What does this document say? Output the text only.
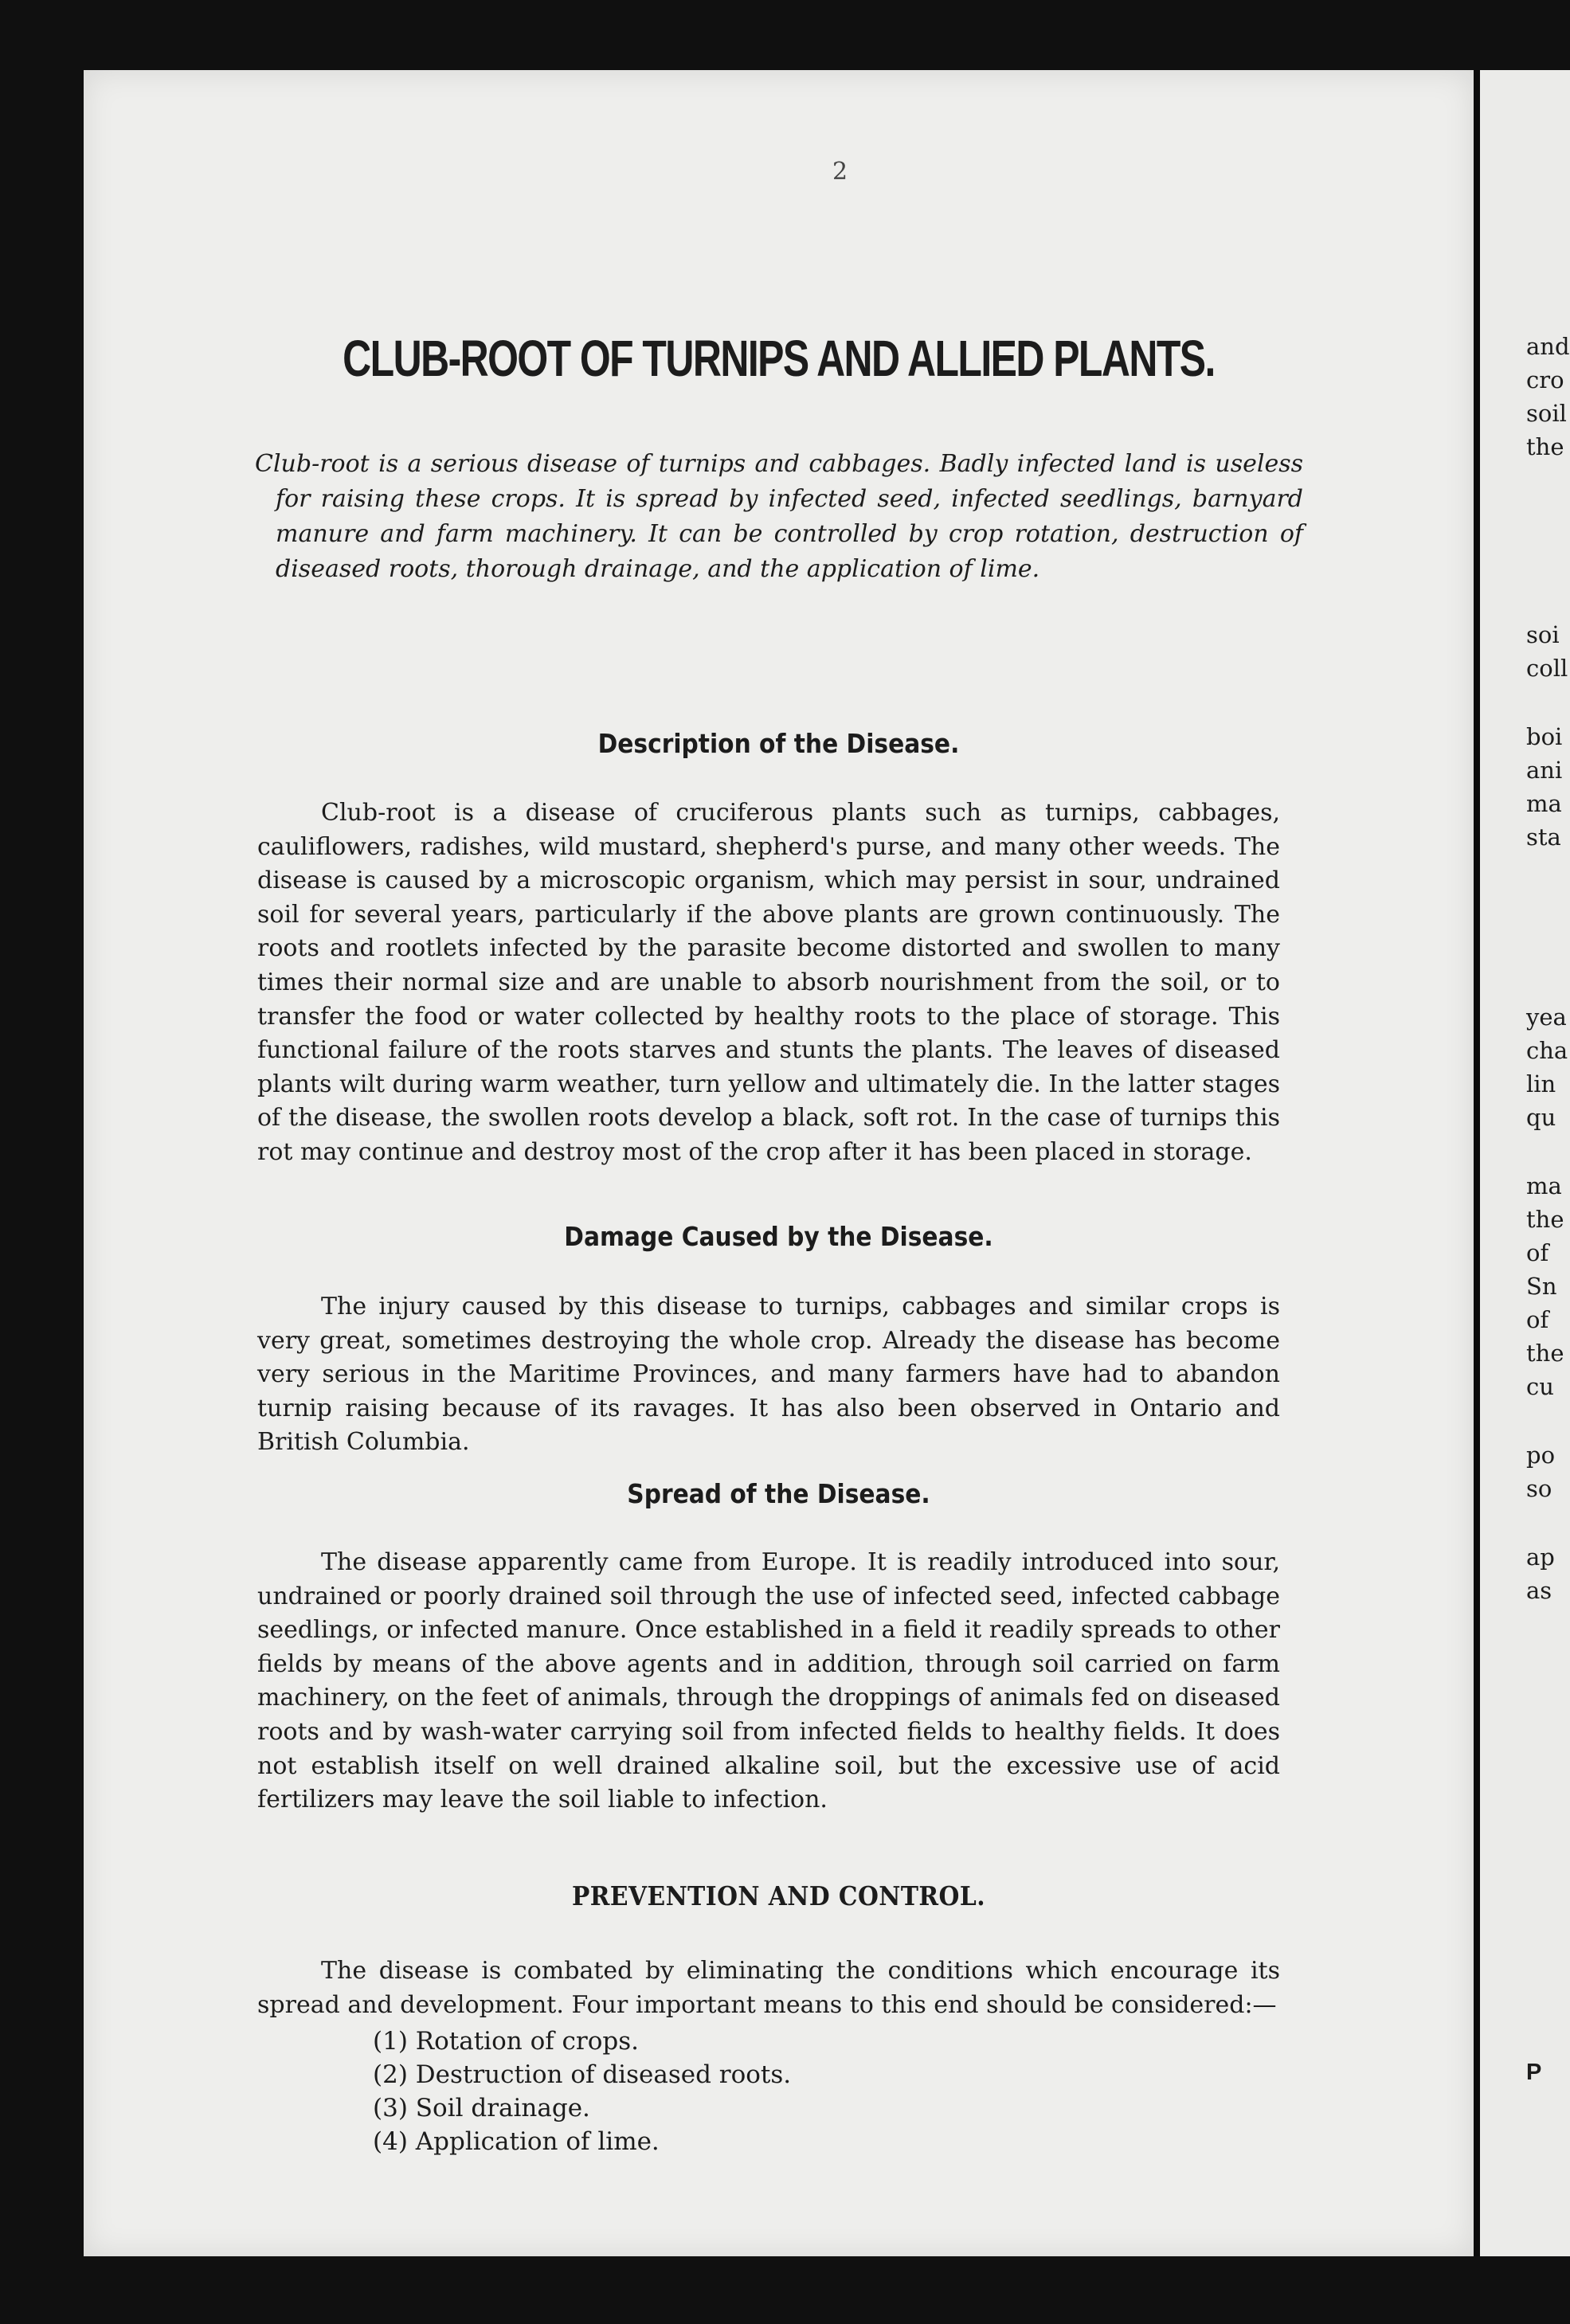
2

CLUB-ROOT OF TURNIPS AND ALLIED PLANTS.

Club-root is a serious disease of turnips and cabbages. Badly infected land is useless for raising these crops. It is spread by infected seed, infected seedlings, barnyard manure and farm machinery. It can be controlled by crop rotation, destruction of diseased roots, thorough drainage, and the application of lime.

Description of the Disease.

Club-root is a disease of cruciferous plants such as turnips, cabbages, cauliflowers, radishes, wild mustard, shepherd's purse, and many other weeds. The disease is caused by a microscopic organism, which may persist in sour, undrained soil for several years, particularly if the above plants are grown continuously. The roots and rootlets infected by the parasite become distorted and swollen to many times their normal size and are unable to absorb nourishment from the soil, or to transfer the food or water collected by healthy roots to the place of storage. This functional failure of the roots starves and stunts the plants. The leaves of diseased plants wilt during warm weather, turn yellow and ultimately die. In the latter stages of the disease, the swollen roots develop a black, soft rot. In the case of turnips this rot may continue and destroy most of the crop after it has been placed in storage.

Damage Caused by the Disease.

The injury caused by this disease to turnips, cabbages and similar crops is very great, sometimes destroying the whole crop. Already the disease has become very serious in the Maritime Provinces, and many farmers have had to abandon turnip raising because of its ravages. It has also been observed in Ontario and British Columbia.

Spread of the Disease.

The disease apparently came from Europe. It is readily introduced into sour, undrained or poorly drained soil through the use of infected seed, infected cabbage seedlings, or infected manure. Once established in a field it readily spreads to other fields by means of the above agents and in addition, through soil carried on farm machinery, on the feet of animals, through the droppings of animals fed on diseased roots and by wash-water carrying soil from infected fields to healthy fields. It does not establish itself on well drained alkaline soil, but the excessive use of acid fertilizers may leave the soil liable to infection.

PREVENTION AND CONTROL.

The disease is combated by eliminating the conditions which encourage its spread and development. Four important means to this end should be considered:—

(1) Rotation of crops.
(2) Destruction of diseased roots.
(3) Soil drainage.
(4) Application of lime.
and
cro
soil
the
soi
coll
boi
ani
ma
sta
yea
cha
lin
qu
ma
the
of
Sn
of
the
cu
po
so
ap
as
P
